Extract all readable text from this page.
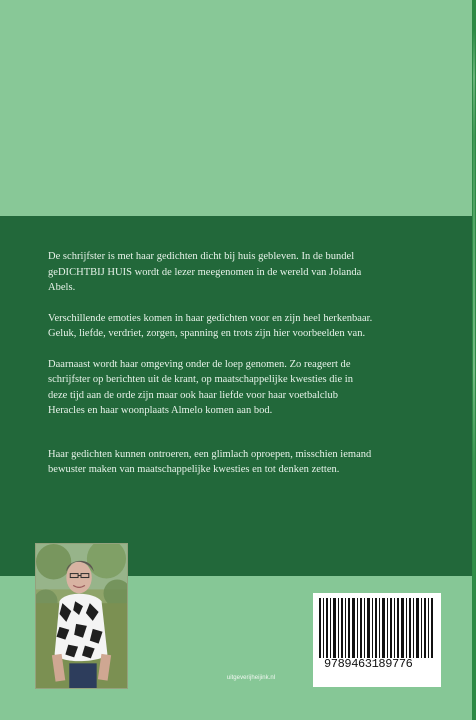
De schrijfster is met haar gedichten dicht bij huis gebleven. In de bundel
geDICHTBIJ HUIS wordt de lezer meegenomen in de wereld van Jolanda
Abels.

Verschillende emoties komen in haar gedichten voor en zijn heel herkenbaar.
Geluk, liefde, verdriet, zorgen, spanning en trots zijn hier voorbeelden van.

Daarnaast wordt haar omgeving onder de loep genomen. Zo reageert de
schrijfster op berichten uit de krant, op maatschappelijke kwesties die in
deze tijd aan de orde zijn maar ook haar liefde voor haar voetbalclub
Heracles en haar woonplaats Almelo komen aan bod.

Haar gedichten kunnen ontroeren, een glimlach oproepen, misschien iemand
bewuster maken van maatschappelijke kwesties en tot denken zetten.

uitgeverijheijink.nl
9789463189776
